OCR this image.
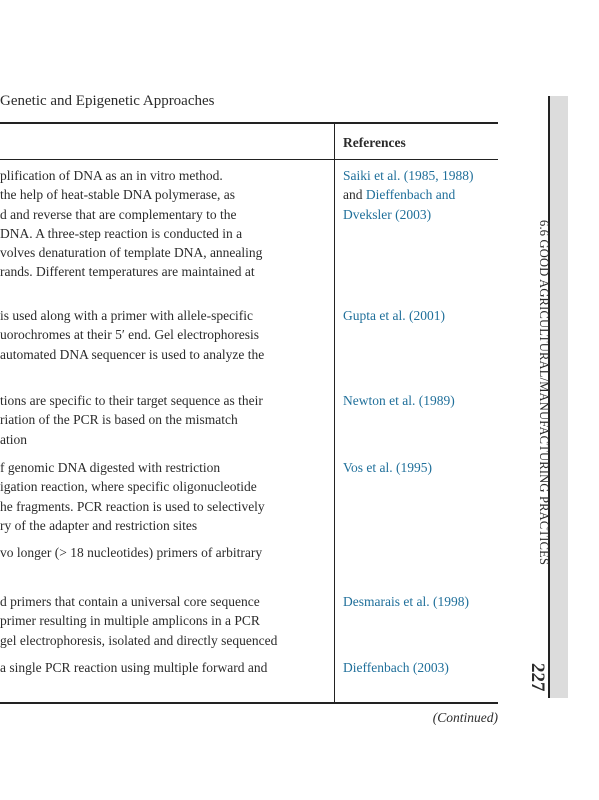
Genetic and Epigenetic Approaches
References
plification of DNA as an in vitro method.
the help of heat-stable DNA polymerase, as
d and reverse that are complementary to the
DNA. A three-step reaction is conducted in a
volves denaturation of template DNA, annealing
rands. Different temperatures are maintained at
Saiki et al. (1985, 1988)
and Dieffenbach and
Dveksler (2003)
is used along with a primer with allele-specific
uorochromes at their 5′ end. Gel electrophoresis
automated DNA sequencer is used to analyze the
Gupta et al. (2001)
tions are specific to their target sequence as their
riation of the PCR is based on the mismatch
ation
Newton et al. (1989)
f genomic DNA digested with restriction
igation reaction, where specific oligonucleotide
he fragments. PCR reaction is used to selectively
ry of the adapter and restriction sites
Vos et al. (1995)
vo longer (> 18 nucleotides) primers of arbitrary
d primers that contain a universal core sequence
primer resulting in multiple amplicons in a PCR
gel electrophoresis, isolated and directly sequenced
Desmarais et al. (1998)
a single PCR reaction using multiple forward and	Dieffenbach (2003)
(Continued)
6.6 GOOD AGRICULTURAL/MANUFACTURING PRACTICES
227
